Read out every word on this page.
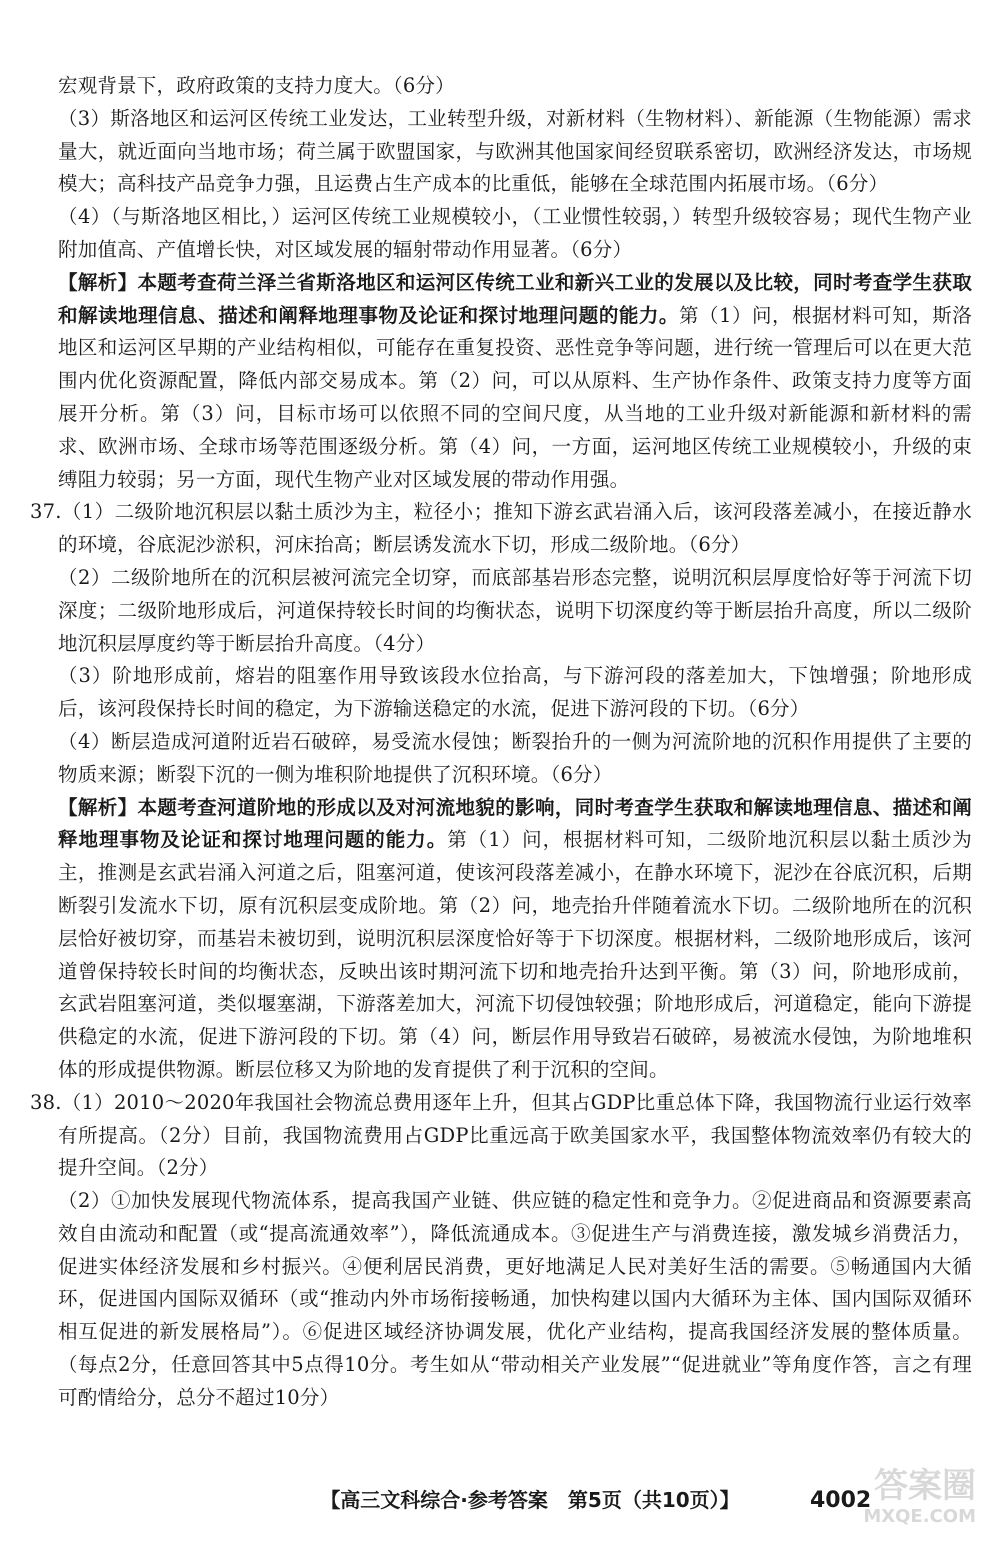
宏观背景下，政府政策的支持力度大。（6分）

（3）斯洛地区和运河区传统工业发达，工业转型升级，对新材料（生物材料）、新能源（生物能源）需求量大，就近面向当地市场；荷兰属于欧盟国家，与欧洲其他国家间经贸联系密切，欧洲经济发达，市场规模大；高科技产品竞争力强，且运费占生产成本的比重低，能够在全球范围内拓展市场。（6分）

（4）（与斯洛地区相比，）运河区传统工业规模较小，（工业惯性较弱，）转型升级较容易；现代生物产业附加值高、产值增长快，对区域发展的辐射带动作用显著。（6分）

【解析】本题考查荷兰泽兰省斯洛地区和运河区传统工业和新兴工业的发展以及比较，同时考查学生获取和解读地理信息、描述和阐释地理事物及论证和探讨地理问题的能力。第（1）问，根据材料可知，斯洛地区和运河区早期的产业结构相似，可能存在重复投资、恶性竞争等问题，进行统一管理后可以在更大范围内优化资源配置，降低内部交易成本。第（2）问，可以从原料、生产协作条件、政策支持力度等方面展开分析。第（3）问，目标市场可以依照不同的空间尺度，从当地的工业升级对新能源和新材料的需求、欧洲市场、全球市场等范围逐级分析。第（4）问，一方面，运河地区传统工业规模较小，升级的束缚阻力较弱；另一方面，现代生物产业对区域发展的带动作用强。

37.（1）二级阶地沉积层以黏土质沙为主，粒径小；推知下游玄武岩涌入后，该河段落差减小，在接近静水的环境，谷底泥沙淤积，河床抬高；断层诱发流水下切，形成二级阶地。（6分）

（2）二级阶地所在的沉积层被河流完全切穿，而底部基岩形态完整，说明沉积层厚度恰好等于河流下切深度；二级阶地形成后，河道保持较长时间的均衡状态，说明下切深度约等于断层抬升高度，所以二级阶地沉积层厚度约等于断层抬升高度。（4分）

（3）阶地形成前，熔岩的阻塞作用导致该段水位抬高，与下游河段的落差加大，下蚀增强；阶地形成后，该河段保持长时间的稳定，为下游输送稳定的水流，促进下游河段的下切。（6分）

（4）断层造成河道附近岩石破碎，易受流水侵蚀；断裂抬升的一侧为河流阶地的沉积作用提供了主要的物质来源；断裂下沉的一侧为堆积阶地提供了沉积环境。（6分）

【解析】本题考查河道阶地的形成以及对河流地貌的影响，同时考查学生获取和解读地理信息、描述和阐释地理事物及论证和探讨地理问题的能力。第（1）问，根据材料可知，二级阶地沉积层以黏土质沙为主，推测是玄武岩涌入河道之后，阻塞河道，使该河段落差减小，在静水环境下，泥沙在谷底沉积，后期断裂引发流水下切，原有沉积层变成阶地。第（2）问，地壳抬升伴随着流水下切。二级阶地所在的沉积层恰好被切穿，而基岩未被切到，说明沉积层深度恰好等于下切深度。根据材料，二级阶地形成后，该河道曾保持较长时间的均衡状态，反映出该时期河流下切和地壳抬升达到平衡。第（3）问，阶地形成前，玄武岩阻塞河道，类似堰塞湖，下游落差加大，河流下切侵蚀较强；阶地形成后，河道稳定，能向下游提供稳定的水流，促进下游河段的下切。第（4）问，断层作用导致岩石破碎，易被流水侵蚀，为阶地堆积体的形成提供物源。断层位移又为阶地的发育提供了利于沉积的空间。

38.（1）2010～2020年我国社会物流总费用逐年上升，但其占GDP比重总体下降，我国物流行业运行效率有所提高。（2分）目前，我国物流费用占GDP比重远高于欧美国家水平，我国整体物流效率仍有较大的提升空间。（2分）

（2）①加快发展现代物流体系，提高我国产业链、供应链的稳定性和竞争力。②促进商品和资源要素高效自由流动和配置（或“提高流通效率”），降低流通成本。③促进生产与消费连接，激发城乡消费活力，促进实体经济发展和乡村振兴。④便利居民消费，更好地满足人民对美好生活的需要。⑤畅通国内大循环，促进国内国际双循环（或“推动内外市场衔接畅通，加快构建以国内大循环为主体、国内国际双循环相互促进的新发展格局”）。⑥促进区域经济协调发展，优化产业结构，提高我国经济发展的整体质量。（每点2分，任意回答其中5点得10分。考生如从“带动相关产业发展”“促进就业”等角度作答，言之有理可酌情给分，总分不超过10分）

【高三文科综合·参考答案　第5页（共10页）】	4002 答案圈
MXQE.COM
